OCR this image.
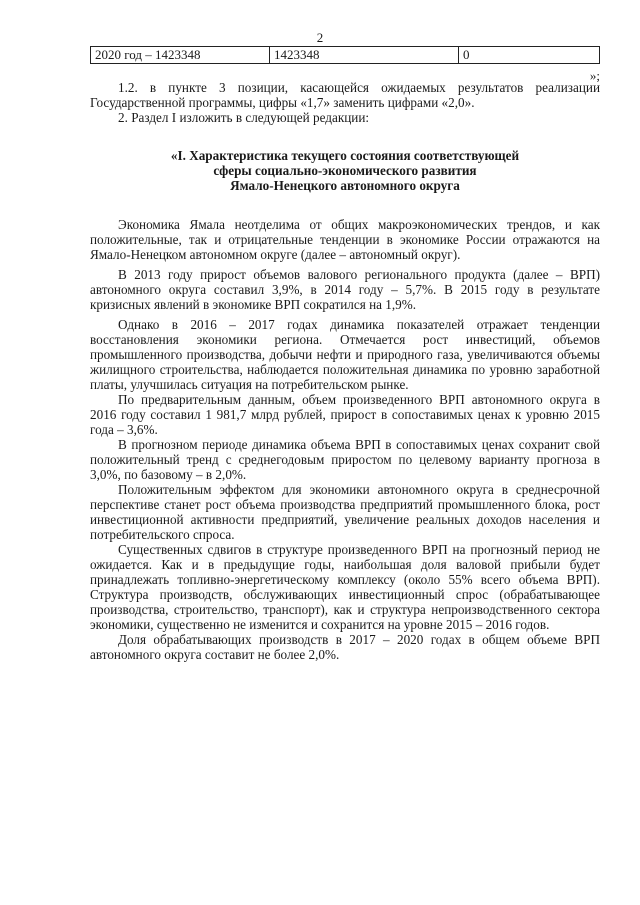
2
2020 год – 1423348	1423348	0
»;

1.2. в пункте 3 позиции, касающейся ожидаемых результатов реализации Государственной программы, цифры «1,7» заменить цифрами «2,0».

2. Раздел I изложить в следующей редакции:

«I. Характеристика текущего состояния соответствующей
сферы социально-экономического развития
Ямало-Ненецкого автономного округа

Экономика Ямала неотделима от общих макроэкономических трендов, и как положительные, так и отрицательные тенденции в экономике России отражаются на Ямало-Ненецком автономном округе (далее – автономный округ).

В 2013 году прирост объемов валового регионального продукта (далее – ВРП) автономного округа составил 3,9%, в 2014 году – 5,7%. В 2015 году в результате кризисных явлений в экономике ВРП сократился на 1,9%.

Однако в 2016 – 2017 годах динамика показателей отражает тенденции восстановления экономики региона. Отмечается рост инвестиций, объемов промышленного производства, добычи нефти и природного газа, увеличиваются объемы жилищного строительства, наблюдается положительная динамика по уровню заработной платы, улучшилась ситуация на потребительском рынке.

По предварительным данным, объем произведенного ВРП автономного округа в 2016 году составил 1 981,7 млрд рублей, прирост в сопоставимых ценах к уровню 2015 года – 3,6%.

В прогнозном периоде динамика объема ВРП в сопоставимых ценах сохранит свой положительный тренд с среднегодовым приростом по целевому варианту прогноза в 3,0%, по базовому – в 2,0%.

Положительным эффектом для экономики автономного округа в среднесрочной перспективе станет рост объема производства предприятий промышленного блока, рост инвестиционной активности предприятий, увеличение реальных доходов населения и потребительского спроса.

Существенных сдвигов в структуре произведенного ВРП на прогнозный период не ожидается. Как и в предыдущие годы, наибольшая доля валовой прибыли будет принадлежать топливно-энергетическому комплексу (около 55% всего объема ВРП). Структура производств, обслуживающих инвестиционный спрос (обрабатывающее производства, строительство, транспорт), как и структура непроизводственного сектора экономики, существенно не изменится и сохранится на уровне 2015 – 2016 годов.

Доля обрабатывающих производств в 2017 – 2020 годах в общем объеме ВРП автономного округа составит не более 2,0%.
